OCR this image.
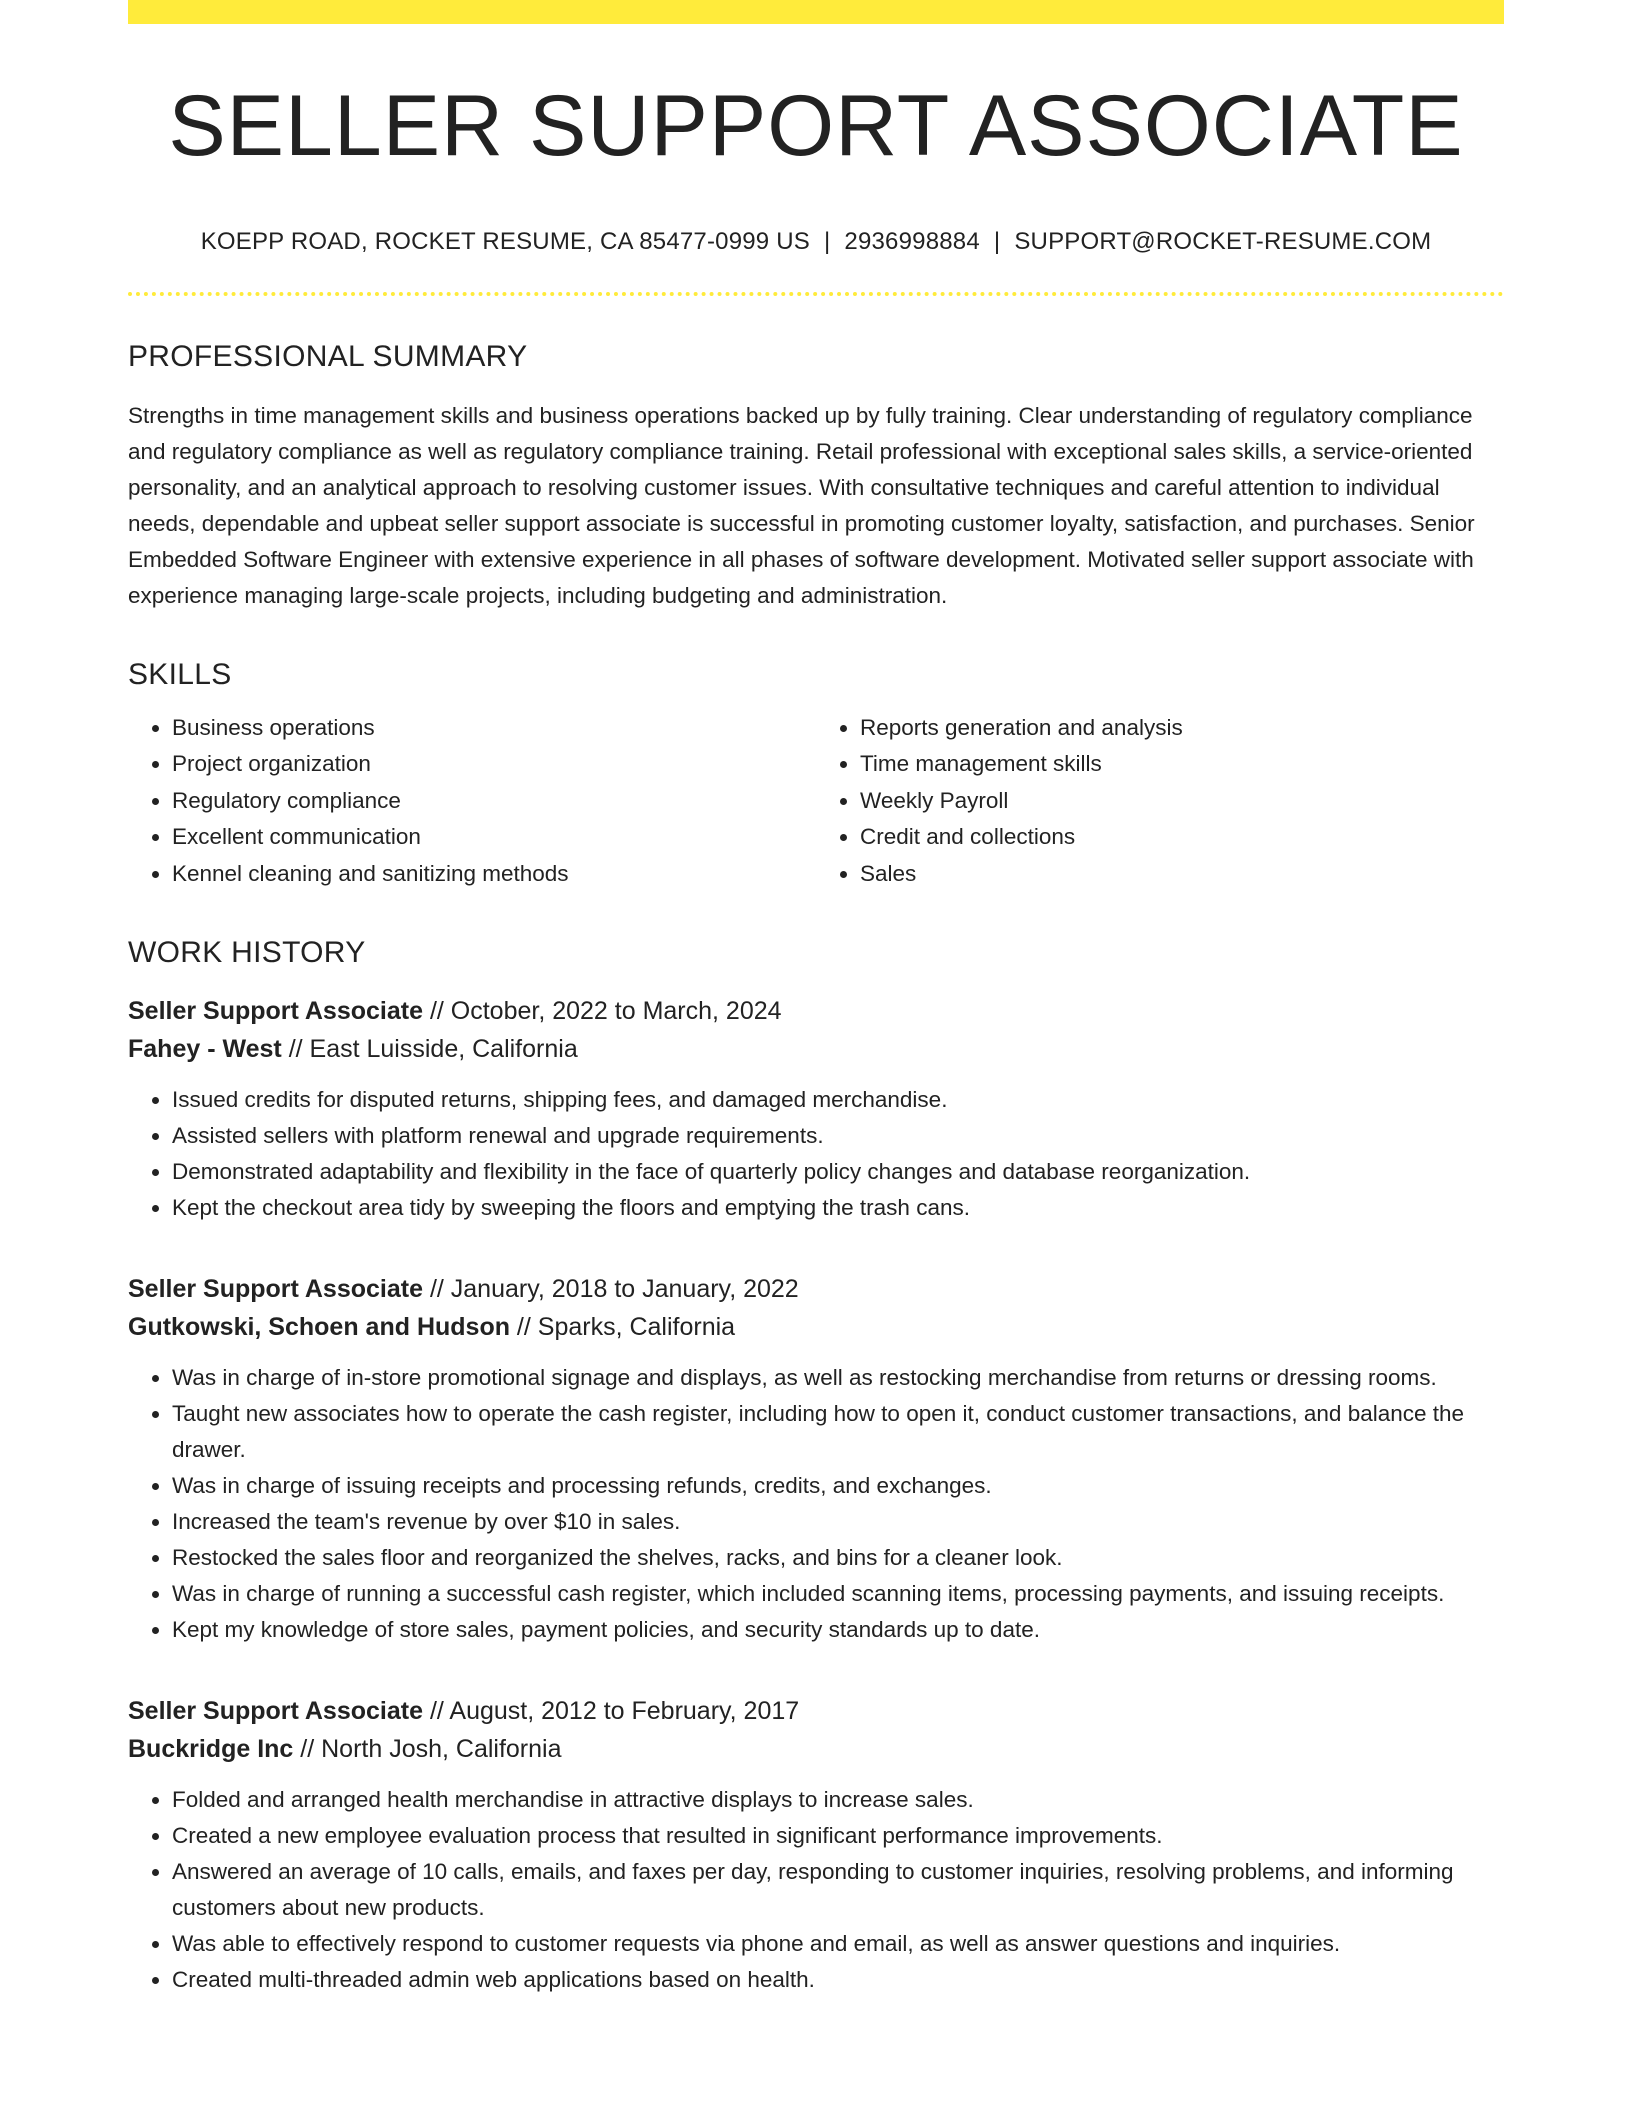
SELLER SUPPORT ASSOCIATE
KOEPP ROAD, ROCKET RESUME, CA 85477-0999 US | 2936998884 | SUPPORT@ROCKET-RESUME.COM
PROFESSIONAL SUMMARY

Strengths in time management skills and business operations backed up by fully training. Clear understanding of regulatory compliance and regulatory compliance as well as regulatory compliance training. Retail professional with exceptional sales skills, a service-oriented personality, and an analytical approach to resolving customer issues. With consultative techniques and careful attention to individual needs, dependable and upbeat seller support associate is successful in promoting customer loyalty, satisfaction, and purchases. Senior Embedded Software Engineer with extensive experience in all phases of software development. Motivated seller support associate with experience managing large-scale projects, including budgeting and administration.

SKILLS
• Business operations
• Project organization
• Regulatory compliance
• Excellent communication
• Kennel cleaning and sanitizing methods
• Reports generation and analysis
• Time management skills
• Weekly Payroll
• Credit and collections
• Sales
WORK HISTORY
Seller Support Associate // October, 2022 to March, 2024
Fahey - West // East Luisside, California
• Issued credits for disputed returns, shipping fees, and damaged merchandise.
• Assisted sellers with platform renewal and upgrade requirements.
• Demonstrated adaptability and flexibility in the face of quarterly policy changes and database reorganization.
• Kept the checkout area tidy by sweeping the floors and emptying the trash cans.
Seller Support Associate // January, 2018 to January, 2022
Gutkowski, Schoen and Hudson // Sparks, California
• Was in charge of in-store promotional signage and displays, as well as restocking merchandise from returns or dressing rooms.
• Taught new associates how to operate the cash register, including how to open it, conduct customer transactions, and balance the drawer.
• Was in charge of issuing receipts and processing refunds, credits, and exchanges.
• Increased the team's revenue by over $10 in sales.
• Restocked the sales floor and reorganized the shelves, racks, and bins for a cleaner look.
• Was in charge of running a successful cash register, which included scanning items, processing payments, and issuing receipts.
• Kept my knowledge of store sales, payment policies, and security standards up to date.
Seller Support Associate // August, 2012 to February, 2017
Buckridge Inc // North Josh, California
• Folded and arranged health merchandise in attractive displays to increase sales.
• Created a new employee evaluation process that resulted in significant performance improvements.
• Answered an average of 10 calls, emails, and faxes per day, responding to customer inquiries, resolving problems, and informing customers about new products.
• Was able to effectively respond to customer requests via phone and email, as well as answer questions and inquiries.
• Created multi-threaded admin web applications based on health.
